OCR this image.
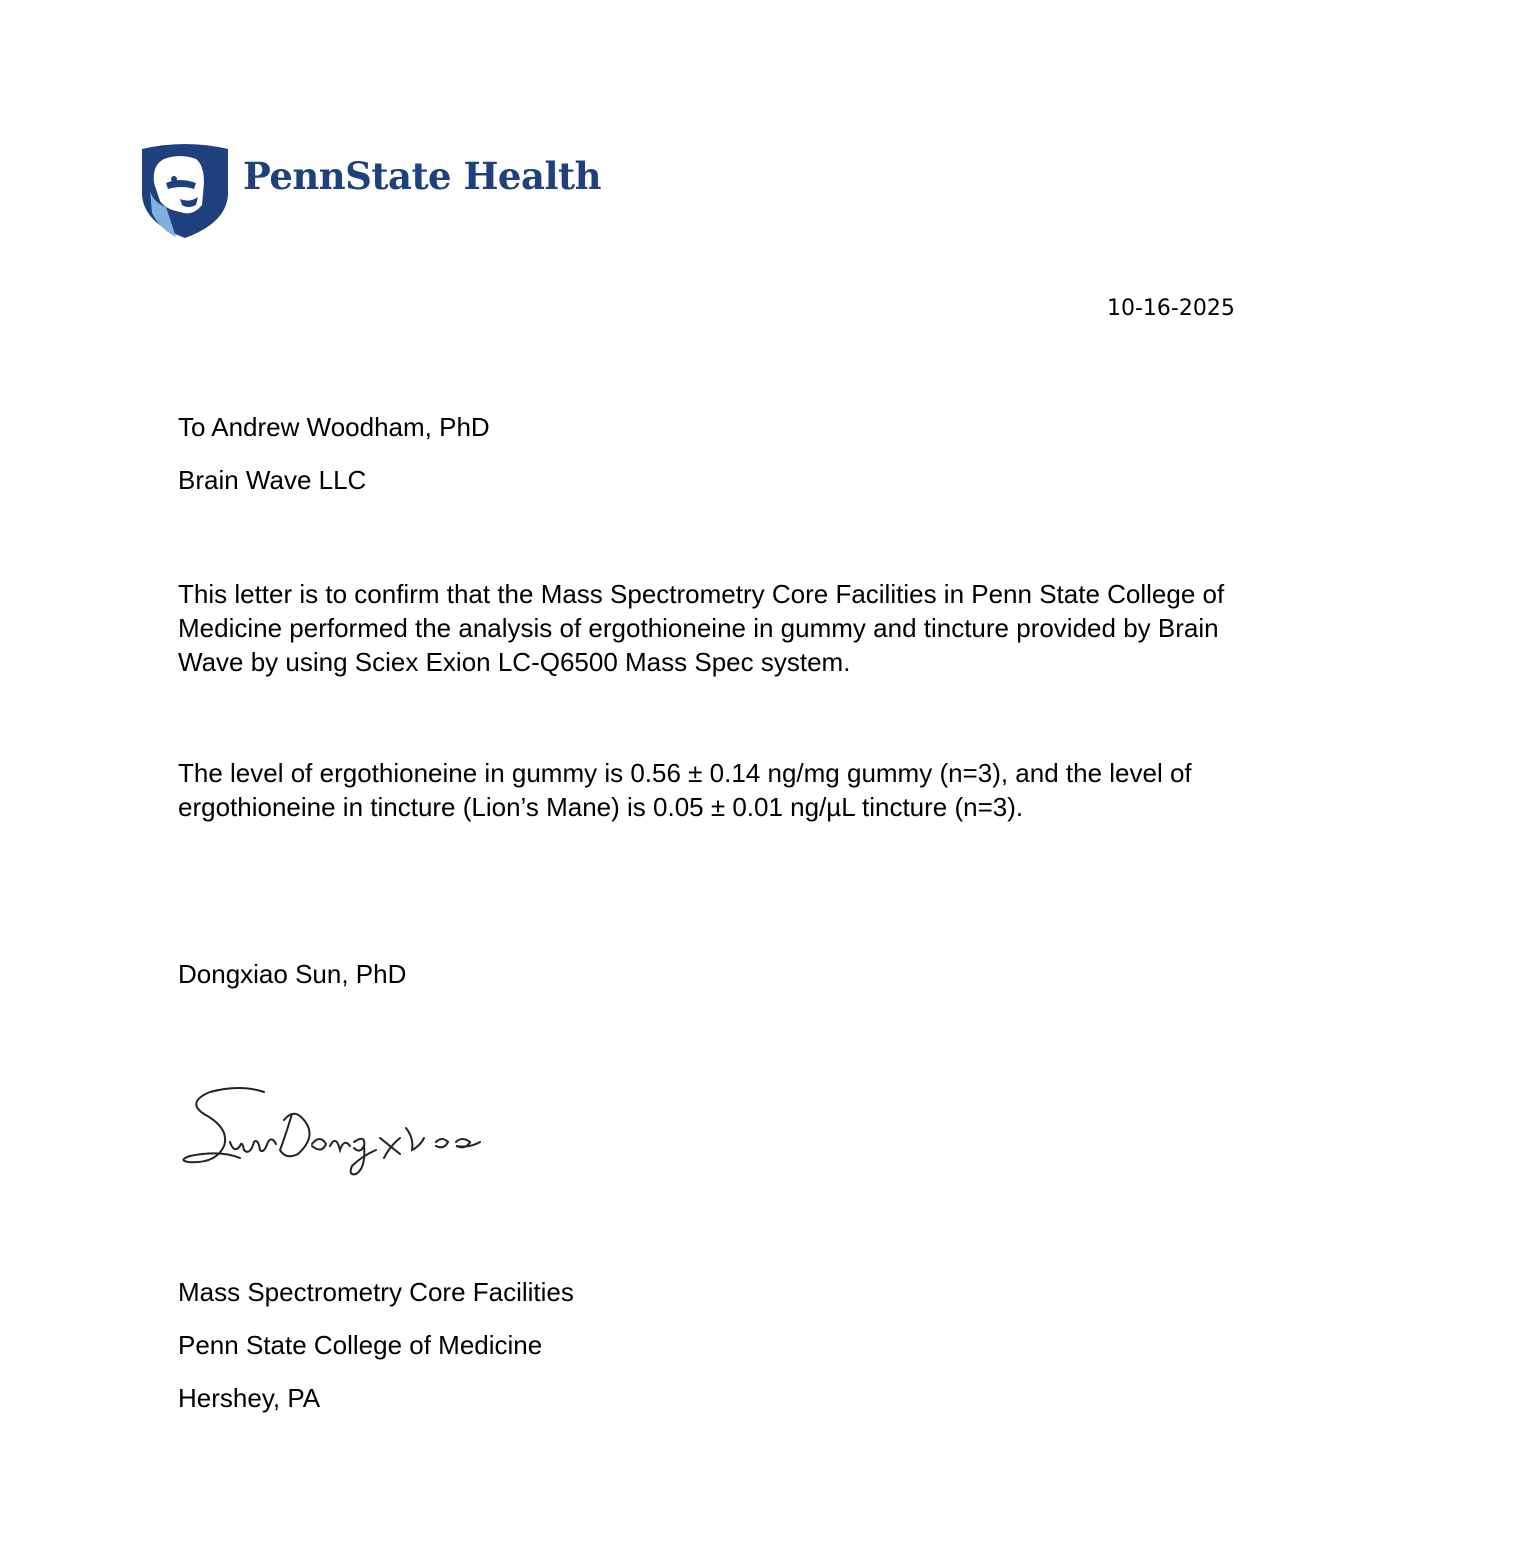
PennState Health
10-16-2025
To Andrew Woodham, PhD
Brain Wave LLC
This letter is to confirm that the Mass Spectrometry Core Facilities in Penn State College of
Medicine performed the analysis of ergothioneine in gummy and tincture provided by Brain
Wave by using Sciex Exion LC-Q6500 Mass Spec system.
The level of ergothioneine in gummy is 0.56 ± 0.14 ng/mg gummy (n=3), and the level of
ergothioneine in tincture (Lion’s Mane) is 0.05 ± 0.01 ng/µL tincture (n=3).
Dongxiao Sun, PhD
Mass Spectrometry Core Facilities
Penn State College of Medicine
Hershey, PA
